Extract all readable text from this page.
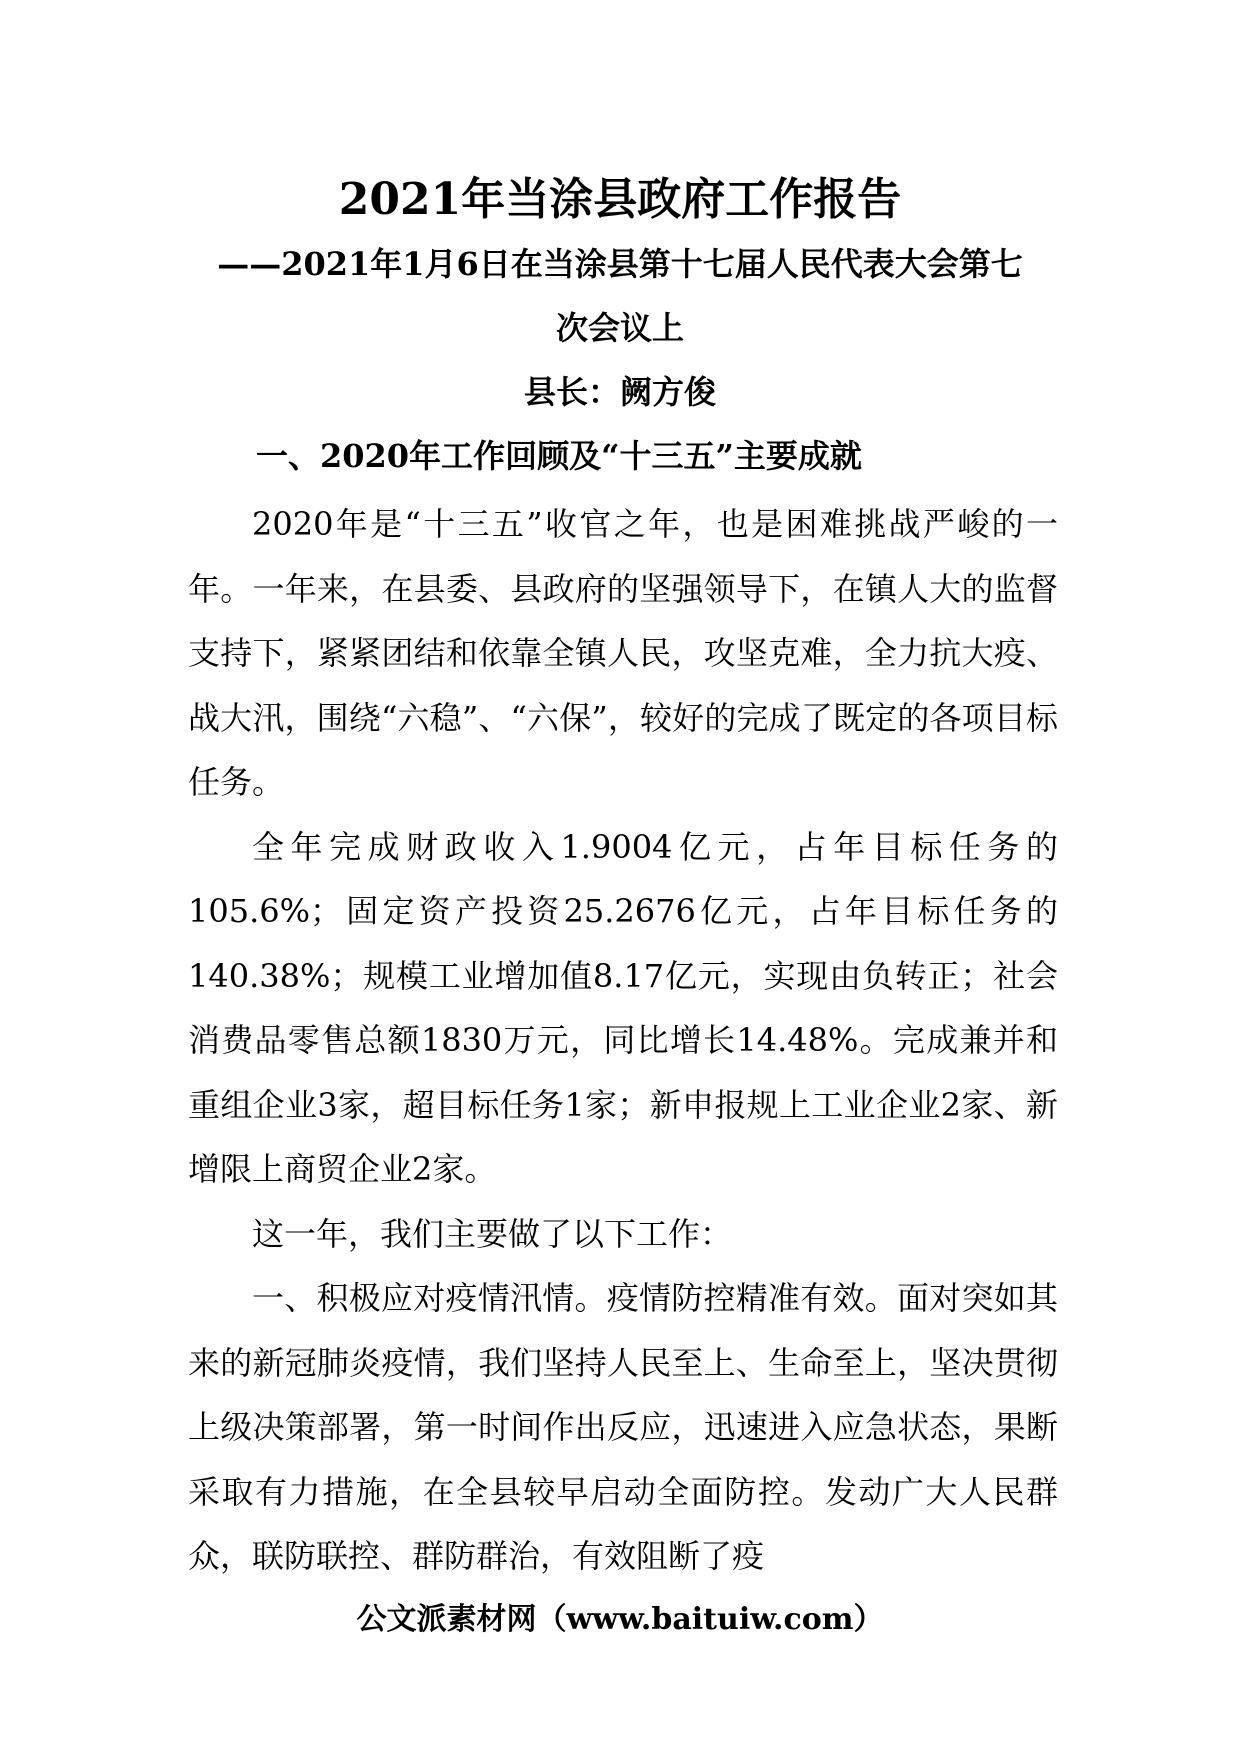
2021年当涂县政府工作报告
——2021年1月6日在当涂县第十七届人民代表大会第七
次会议上
县长：阙方俊
一、2020年工作回顾及“十三五”主要成就

2020年是“十三五”收官之年，也是困难挑战严峻的一年。一年来，在县委、县政府的坚强领导下，在镇人大的监督支持下，紧紧团结和依靠全镇人民，攻坚克难，全力抗大疫、战大汛，围绕“六稳”、“六保”，较好的完成了既定的各项目标任务。

全年完成财政收入1.9004亿元，占年目标任务的105.6%；固定资产投资25.2676亿元，占年目标任务的140.38%；规模工业增加值8.17亿元，实现由负转正；社会消费品零售总额1830万元，同比增长14.48%。完成兼并和重组企业3家，超目标任务1家；新申报规上工业企业2家、新增限上商贸企业2家。

这一年，我们主要做了以下工作：

一、积极应对疫情汛情。疫情防控精准有效。面对突如其来的新冠肺炎疫情，我们坚持人民至上、生命至上，坚决贯彻上级决策部署，第一时间作出反应，迅速进入应急状态，果断采取有力措施，在全县较早启动全面防控。发动广大人民群众，联防联控、群防群治，有效阻断了疫

公文派素材网（www.baituiw.com）
